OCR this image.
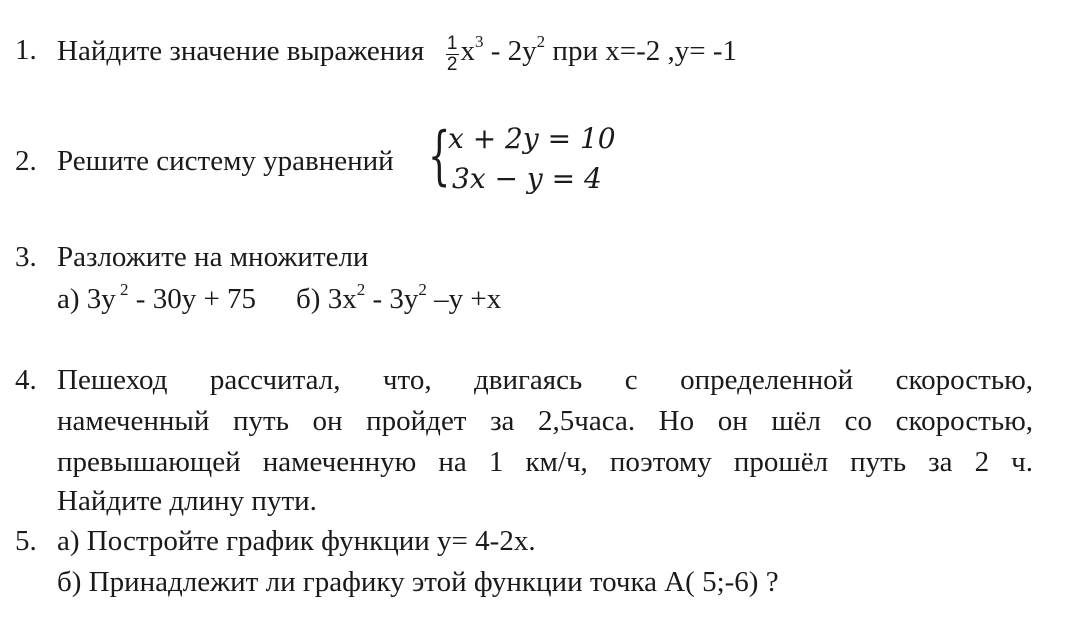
1. Найдите значение выражения $\frac{1}{2} x^3 - 2y^2$ при x=-2 ,y= -1
2. Решите систему уравнений {
x + 2y = 10
3x − y = 4
3. Разложите на множители
а) 3y $^2$ - 30y + 75 б) $3x^2 - 3y^2$ –y +x
4. Пешеход рассчитал, что, двигаясь с определенной скоростью,
намеченный путь он пройдет за 2,5часа. Но он шёл со скоростью,
превышающей намеченную на 1 км/ч, поэтому прошёл путь за 2 ч.
Найдите длину пути.
5. а) Постройте график функции y= 4-2x.
б) Принадлежит ли графику этой функции точка А( 5;-6) ?
